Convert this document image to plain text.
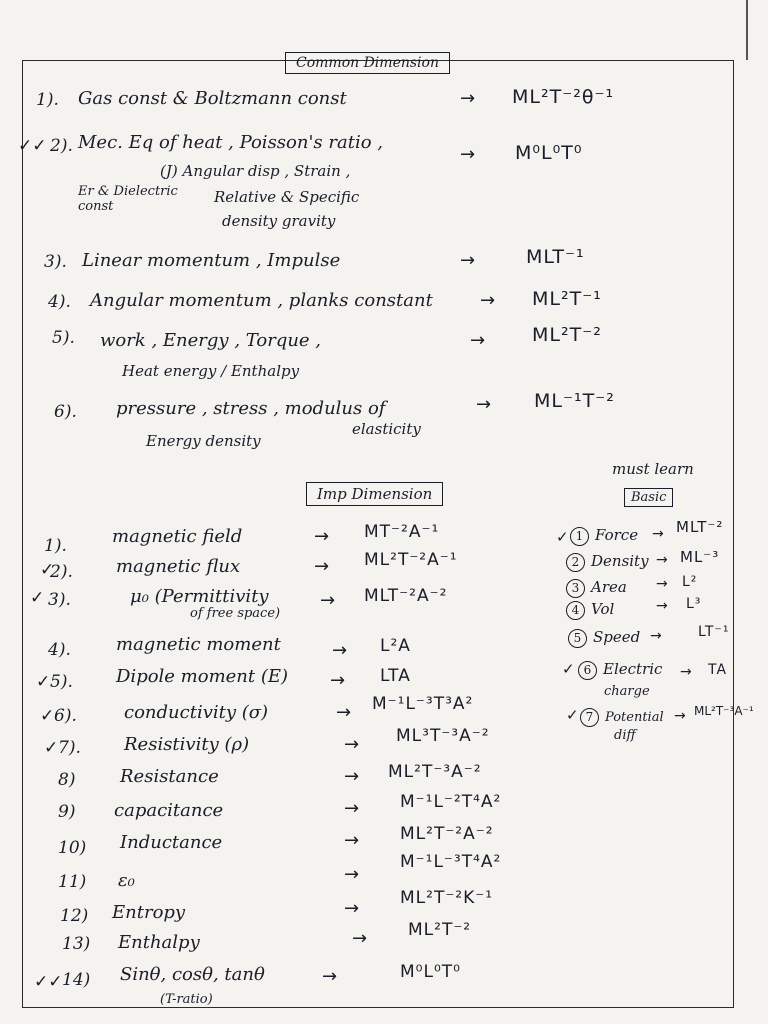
Common Dimension
1). Gas const & Boltzmann const	→ ML²T⁻²θ⁻¹
✓✓ 2). Mec. Eq of heat , Poisson's ratio ,
→ M⁰L⁰T⁰
(J) Angular disp , Strain ,
Er & Dielectric const
Relative & Specific
density gravity
3). Linear momentum , Impulse	→	MLT⁻¹
4). Angular momentum , planks constant	→ ML²T⁻¹
5). work , Energy , Torque ,	→ ML²T⁻²
Heat energy / Enthalpy
6). pressure , stress , modulus of	→ ML⁻¹T⁻²
Energy density
elasticity
Imp Dimension
must learn
Basic
1).	magnetic field	→ MT⁻²A⁻¹
✓
2). magnetic flux	→ ML²T⁻²A⁻¹
✓ 3).	μ₀ (Permittivity	→ MLT⁻²A⁻²
of free space)
4).	magnetic moment	→ L²A
✓ 5). Dipole moment (E) → LTA
✓ 6).	conductivity (σ)	→ M⁻¹L⁻³T³A²
✓ 7). Resistivity (ρ)	→ ML³T⁻³A⁻²
8) Resistance	→ ML²T⁻³A⁻²
9) capacitance	→ M⁻¹L⁻²T⁴A²
10) Inductance	→ ML²T⁻²A⁻²
11) ε₀	→
M⁻¹L⁻³T⁴A²
12) Entropy	→ ML²T⁻²K⁻¹
13) Enthalpy	→ ML²T⁻²
✓✓ 14) Sinθ, cosθ, tanθ	→	M⁰L⁰T⁰
(T-ratio)
✓ 1 Force → MLT⁻²
2 Density → ML⁻³
3 Area → L²
4 Vol	→ L³
5 Speed →	LT⁻¹
✓ 6 Electric
charge
→ TA
✓ 7 Potential
diff
→ ML²T⁻³A⁻¹
